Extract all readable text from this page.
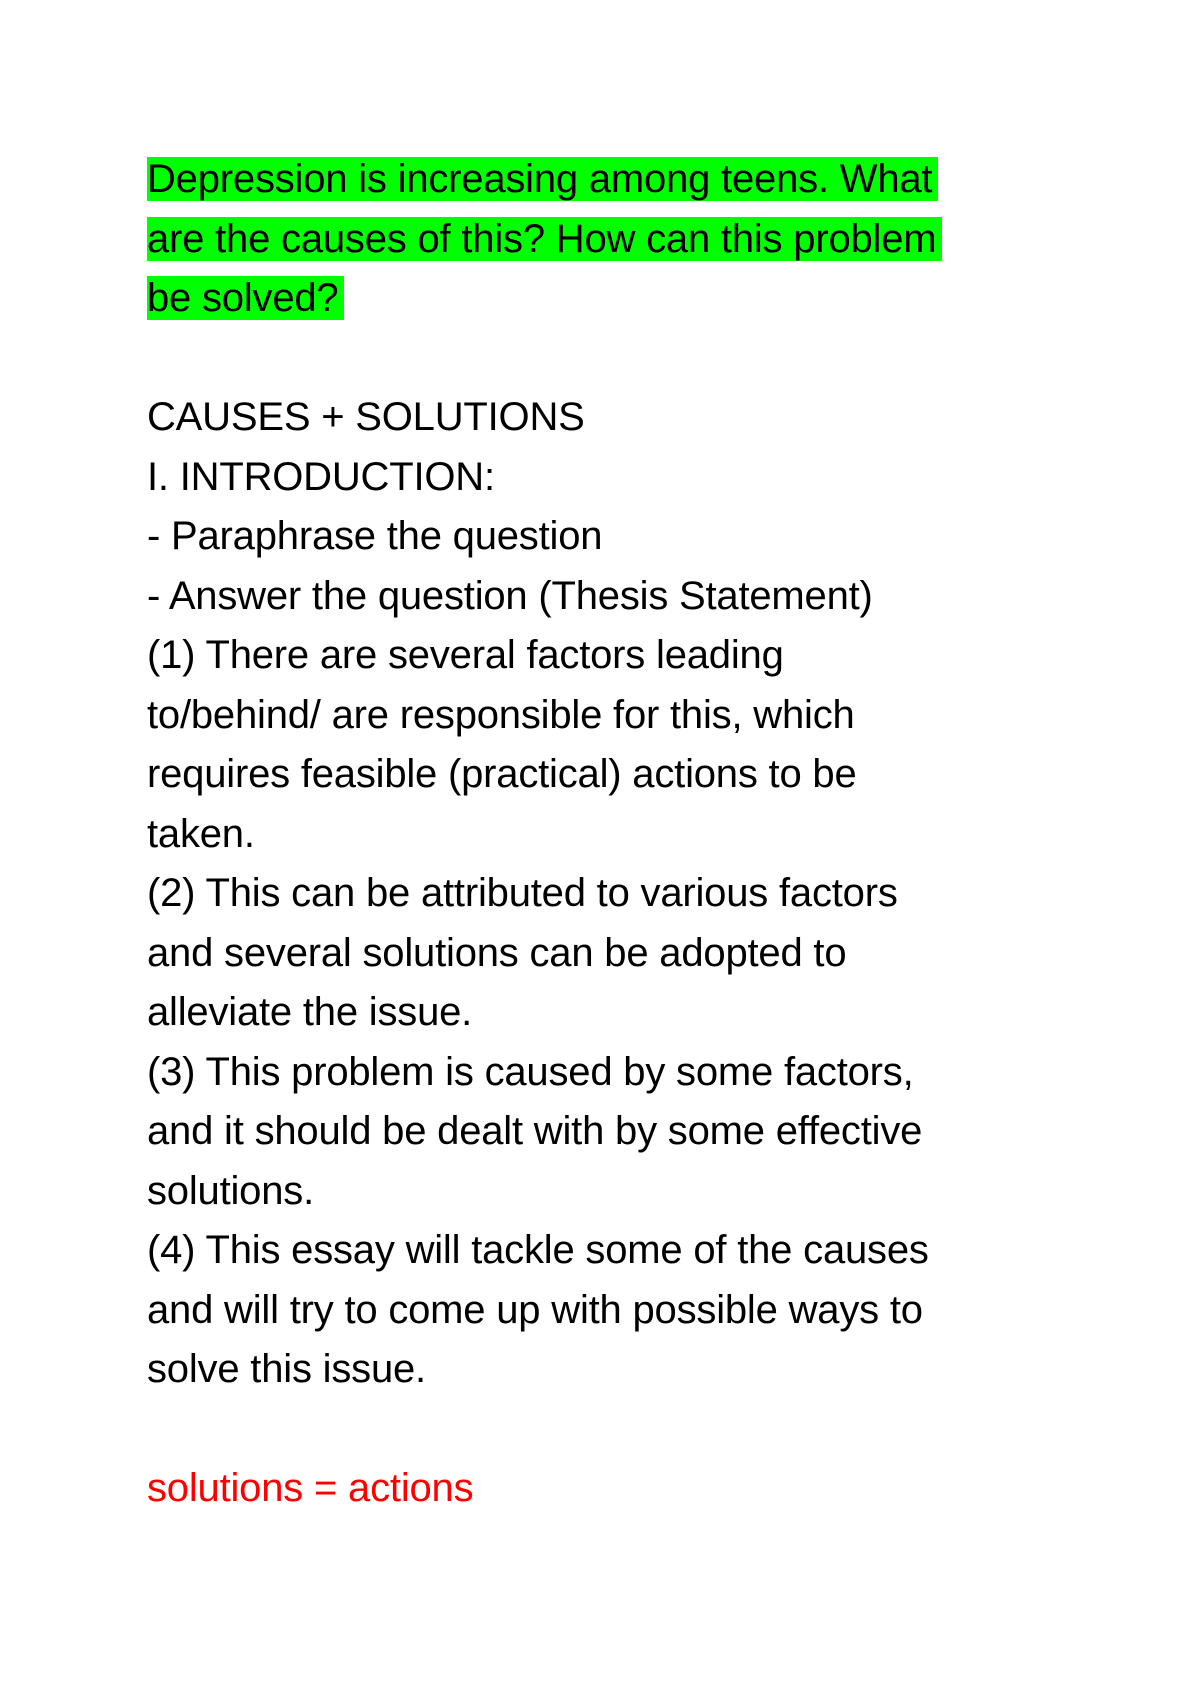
Depression is increasing among teens. What
are the causes of this? How can this problem
be solved?
CAUSES + SOLUTIONS
I. INTRODUCTION:
- Paraphrase the question
- Answer the question (Thesis Statement)
(1) There are several factors leading
to/behind/ are responsible for this, which
requires feasible (practical) actions to be
taken.
(2) This can be attributed to various factors
and several solutions can be adopted to
alleviate the issue.
(3) This problem is caused by some factors,
and it should be dealt with by some effective
solutions.
(4) This essay will tackle some of the causes
and will try to come up with possible ways to
solve this issue.
solutions = actions
